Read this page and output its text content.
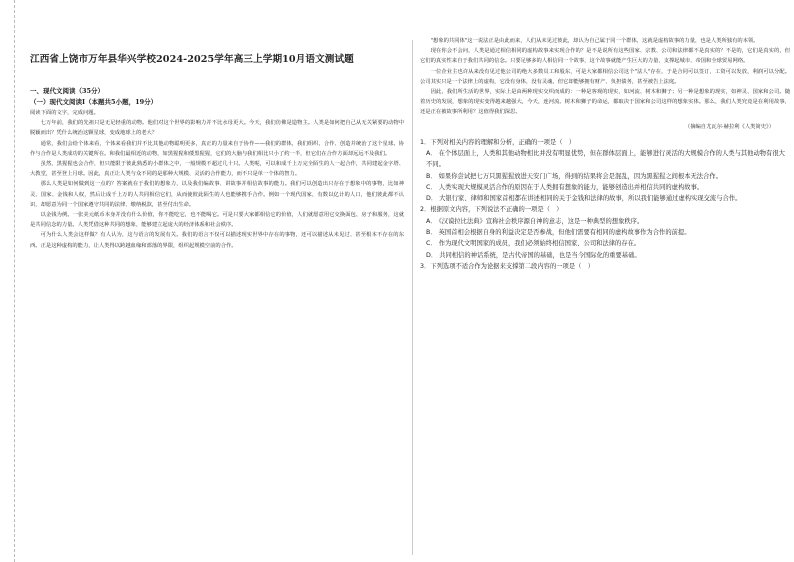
江西省上饶市万年县华兴学校2024-2025学年高三上学期10月语文测试题
一、现代文阅读（35分）
（一）现代文阅读Ⅰ（本题共5小题，19分）

阅读下面的文字，完成问题。

七万年前，我们的先祖只是无足轻重的动物。他们对这个世界的影响力并不比水母更大。今天，我们仿佛是造物主。人类是如何把自己从无关紧要的动物中脱颖而出？凭什么统治这颗星球，变成地球上的老大？

通常，我们会给个体来看，个体来看我们并不比其他动物聪明更多，真正的力量来自于协作——我们的群体，我们组织、合作、创造并统治了这个星球。协作与合作是人类成功的关键所在。和我们最相近的动物，如黑猩猩和倭黑猩猩，它们的大脑与我们相比只小了约一半，但它们在合作方面却远远不及我们。

虽然，黑猩猩也会合作，但只能限于彼此熟悉的小群体之中，一般规模不超过几十只。人类呢，可以和成千上万完全陌生的人一起合作，共同建起金字塔、大教堂，甚至登上月球。因此，真正让人类与众不同的是那种大规模、灵活的合作能力，而不只是单一个体的智力。

那么人类是如何做到这一点的？答案就在于我们的想象力，以及我们编故事、讲故事并相信故事的能力。我们可以创造出只存在于想象中的事物，比如神灵、国家、金钱和人权，然后让成千上万的人共同相信它们，从而使彼此陌生的人也能够携手合作。例如一个现代国家，有数以亿计的人口，他们彼此都不认识，却愿意为同一个国家遵守共同的法律、缴纳税款，甚至付出生命。

以金钱为例。一张美元纸币本身并没有什么价值，你不能吃它，也不能喝它。可是只要大家都相信它的价值，人们就愿意用它交换面包、房子和服务，这就是共同信念的力量。人类凭借这种共同的想象，能够建立起庞大的经济体系和社会秩序。

可为什么人类会这样做？有人认为，这与语言的发展有关。我们的语言不仅可以描述现实世界中存在的事物，还可以描述从未见过、甚至根本不存在的东西。正是这种虚构的能力，让人类得以跨越血缘和部落的界限，组织起规模空前的合作。

"想象的共同体"这一说法正是由此而来，人们从未见过彼此，却认为自己属于同一个群体，这就是虚构故事的力量，也是人类所独有的本领。

现在你会不会问，人类是通过相信相同的虚构故事来实现合作的？是不是说所有这些国家、宗教、公司和法律都不是真实的？不是的，它们是真实的，但它们的真实性来自于我们共同的信念。只要足够多的人相信同一个故事，这个故事就能产生巨大的力量，支撑起城市、帝国和全球贸易网络。

一位企业主也许从来没有见过他公司的绝大多数员工和股东，可是大家都相信公司这个"法人"存在，于是合同可以签订，工资可以发放，利润可以分配。公司其实只是一个法律上的虚构，它没有身体，没有灵魂，但它却能够拥有财产、负担债务，甚至被告上法庭。

因此，我们所生活的世界，实际上是由两种现实交织而成的：一种是客观的现实，如河流、树木和狮子；另一种是想象的现实，如神灵、国家和公司。随着历史的发展，想象的现实变得越来越强大，今天，连河流、树木和狮子的命运，都取决于国家和公司这样的想象实体。那么，我们人类究竟是在利用故事，还是正在被故事所利用？这值得我们深思。

（摘编自尤瓦尔·赫拉利《人类简史》）

1．下列对相关内容的理解和分析，正确的一项是（　）

A． 在个体层面上，人类和其他动物相比并没有明显优势，但在群体层面上，能够进行灵活的大规模合作的人类与其他动物有很大不同。

B． 如果你尝试把七万只黑猩猩放进天安门广场，得到的结果将会是混乱，因为黑猩猩之间根本无法合作。

C． 人类实现大规模灵活合作的原因在于人类拥有想象的能力，能够创造出并相信共同的虚构故事。

D． 大银行家、律师和国家首相都在讲述相同的关于金钱和法律的故事，所以我们能够通过虚构实现交流与合作。

2．根据原文内容，下列说法不正确的一项是（　）

A． 《汉谟拉比法典》宣称社会秩序源自神的意志，这是一种典型的想象秩序。

B． 英国首相会根据自身的利益决定是否参战，但他们需要有相同的虚构故事作为合作的前提。

C． 作为现代文明国家的成员，我们必须始终相信国家、公司和法律的存在。

D． 共同相信的神话系统，是古代帝国的基础，也是当今国际化的重要基础。

3．下列选项不适合作为论据来支撑第二段内容的一项是（　）
